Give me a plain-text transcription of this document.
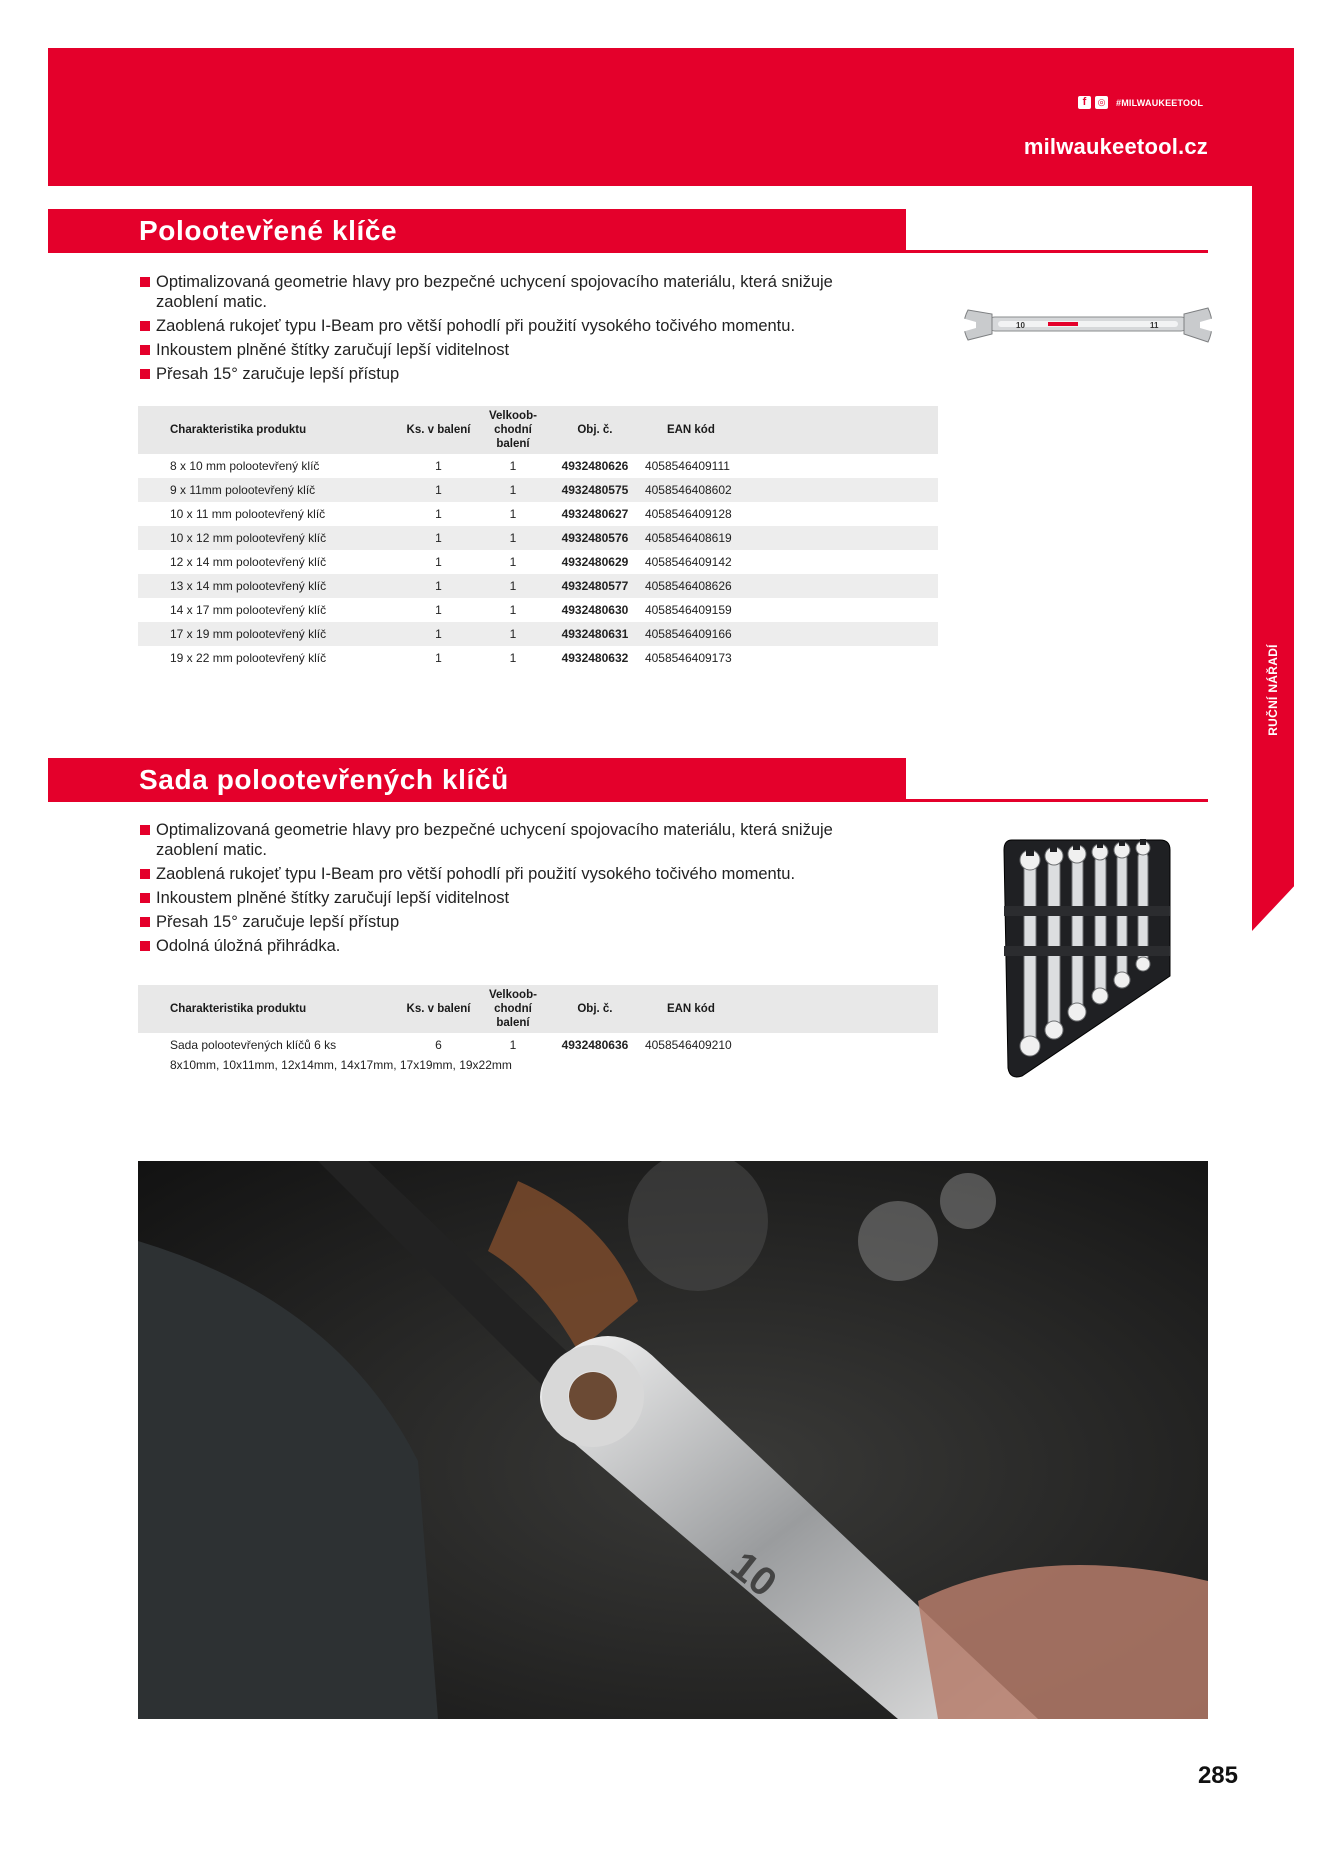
RUČNÍ NÁŘADÍ
f	◎ #MILWAUKEETOOL
milwaukeetool.cz
Polootevřené klíče
Optimalizovaná geometrie hlavy pro bezpečné uchycení spojovacího materiálu, která snižuje zaoblení matic.
Zaoblená rukojeť typu I-Beam pro větší pohodlí při použití vysokého točivého momentu.
Inkoustem plněné štítky zaručují lepší viditelnost
Přesah 15° zaručuje lepší přístup
10	11
Charakteristika produktu	Ks. v balení	Velkoob-chodní balení	Obj. č.	EAN kód	
8 x 10 mm polootevřený klíč	1	1	4932480626	4058546409111	
9 x 11mm polootevřený klíč	1	1	4932480575	4058546408602	
10 x 11 mm polootevřený klíč	1	1	4932480627	4058546409128	
10 x 12 mm polootevřený klíč	1	1	4932480576	4058546408619	
12 x 14 mm polootevřený klíč	1	1	4932480629	4058546409142	
13 x 14 mm polootevřený klíč	1	1	4932480577	4058546408626	
14 x 17 mm polootevřený klíč	1	1	4932480630	4058546409159	
17 x 19 mm polootevřený klíč	1	1	4932480631	4058546409166	
19 x 22 mm polootevřený klíč	1	1	4932480632	4058546409173	
Sada polootevřených klíčů
Optimalizovaná geometrie hlavy pro bezpečné uchycení spojovacího materiálu, která snižuje zaoblení matic.
Zaoblená rukojeť typu I-Beam pro větší pohodlí při použití vysokého točivého momentu.
Inkoustem plněné štítky zaručují lepší viditelnost
Přesah 15° zaručuje lepší přístup
Odolná úložná přihrádka.
Charakteristika produktu	Ks. v balení	Velkoob-chodní balení	Obj. č.	EAN kód	
Sada polootevřených klíčů 6 ks	6	1	4932480636	4058546409210	
8x10mm, 10x11mm, 12x14mm, 14x17mm, 17x19mm, 19x22mm
10
285
